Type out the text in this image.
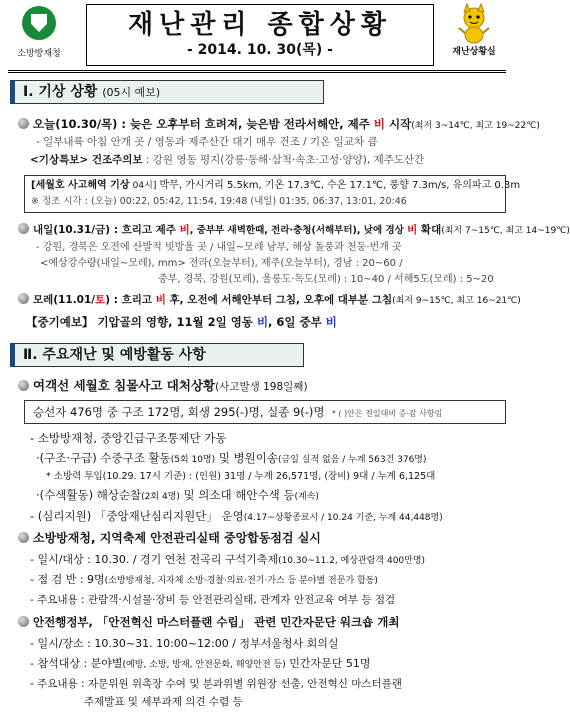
소방방재청
재난관리 종합상황
- 2014. 10. 30(목) -	재난상황실
Ⅰ. 기상 상황 (05시 예보)
오늘(10.30/목) : 늦은 오후부터 흐려져, 늦은밤 전라서해안, 제주 비 시작(최저 3~14℃, 최고 19~22℃)
- 일부내륙 아침 안개 곳 / 영동과 제주산간 대기 매우 건조 / 기온 일교차 큼
<기상특보> 건조주의보 : 강원 영동 평지(강릉·동해·삼척·속초·고성·양양), 제주도산간
[세월호 사고해역 기상 04시] 박무, 가시거리 5.5km, 기온 17.3℃, 수온 17.1℃, 풍향 7.3m/s, 유의파고 0.3m
※ 정조 시각 : (오늘) 00:22, 05:42, 11:54, 19:48 (내일) 01:35, 06:37, 13:01, 20:46
내일(10.31/금) : 흐리고 제주 비, 중부부 새벽한때, 전라·충청(서해부터), 낮에 경상 비 확대(최저 7~15℃, 최고 14~19℃)
- 강원, 경북은 오전에 산발적 빗방울 곳 / 내일~모레 남부, 해상 돌풍과 천둥·번개 곳
<예상강수량(내일~모레), mm> 전라(오늘부터), 제주(오늘부터), 경남 : 20~60 /
중부, 경북, 강원(모레), 울릉도·독도(모레) : 10~40 / 서해5도(모레) : 5~20
모레(11.01/토) : 흐리고 비 후, 오전에 서해안부터 그침, 오후에 대부분 그침(최저 9~15℃, 최고 16~21℃)
【중기예보】 기압골의 영향, 11월 2일 영동 비, 6일 중부 비
Ⅱ. 주요재난 및 예방활동 사항
여객선 세월호 침몰사고 대처상황(사고발생 198일째)
승선자 476명 중 구조 172명, 회생 295(-)명, 실종 9(-)명 * ( )안은 전일대비 증·감 사항임
- 소방방재청, 중앙긴급구조통제단 가동
·(구조·구급) 수중구조 활동(5회 10명) 및 병원이송(금일 실적 없음 / 누계 563건 376명)
* 소방력 투입(10.29. 17시 기준) : (인원) 31명 / 누계 26,571명, (장비) 9대 / 누계 6,125대
·(수색활동) 해상순찰(2회 4명) 및 의소대 해안수색 등(계속)
- (심리지원) 「중앙재난심리지원단」 운영(4.17~상황종료시 / 10.24 기준, 누계 44,448명)
소방방재청, 지역축제 안전관리실태 중앙합동점검 실시
- 일시/대상 : 10.30. / 경기 연천 전곡리 구석기축제(10.30~11.2, 예상관람객 400만명)
- 점 검 반 : 9명(소방방재청, 지자체 소방·경찰·의료·전기·가스 등 분야별 전문가 합동)
- 주요내용 : 관람객·시설물·장비 등 안전관리실태, 관계자 안전교육 여부 등 점검
안전행정부, 「안전혁신 마스터플랜 수립」 관련 민간자문단 워크숍 개최
- 일시/장소 : 10.30~31. 10:00~12:00 / 정부서울청사 회의실
- 참석대상 : 분야별(예방, 소방, 방재, 안전문화, 해양안전 등) 민간자문단 51명
- 주요내용 : 자문위원 위촉장 수여 및 분과위별 위원장 선출, 안전혁신 마스터플랜
주제발표 및 세부과제 의견 수렴 등
